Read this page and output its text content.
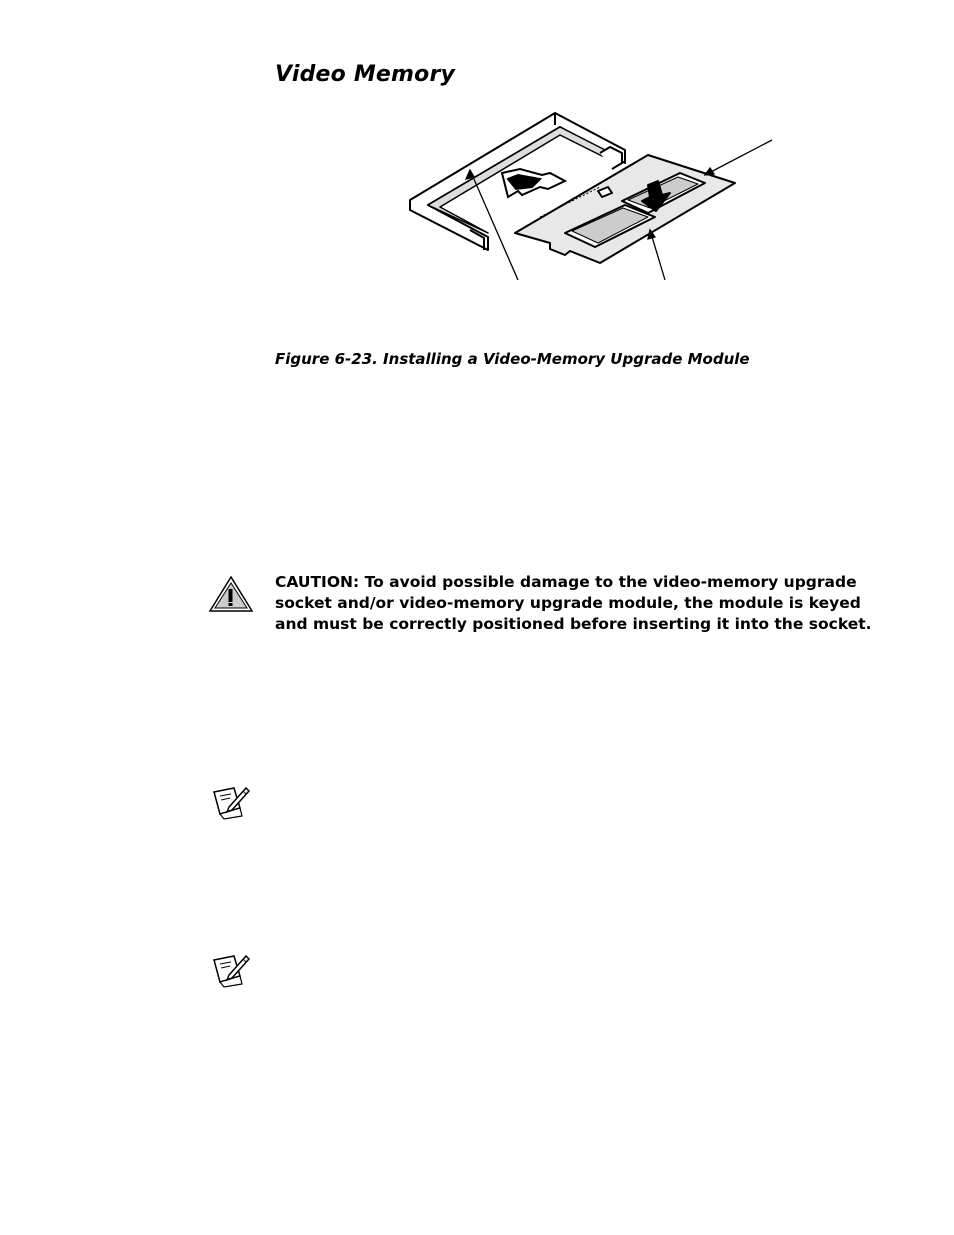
Video Memory

Figure 6-23. Installing a Video-Memory Upgrade Module

CAUTION: To avoid possible damage to the video-memory upgrade socket and/or video-memory upgrade module, the module is keyed and must be correctly positioned before inserting it into the socket.
